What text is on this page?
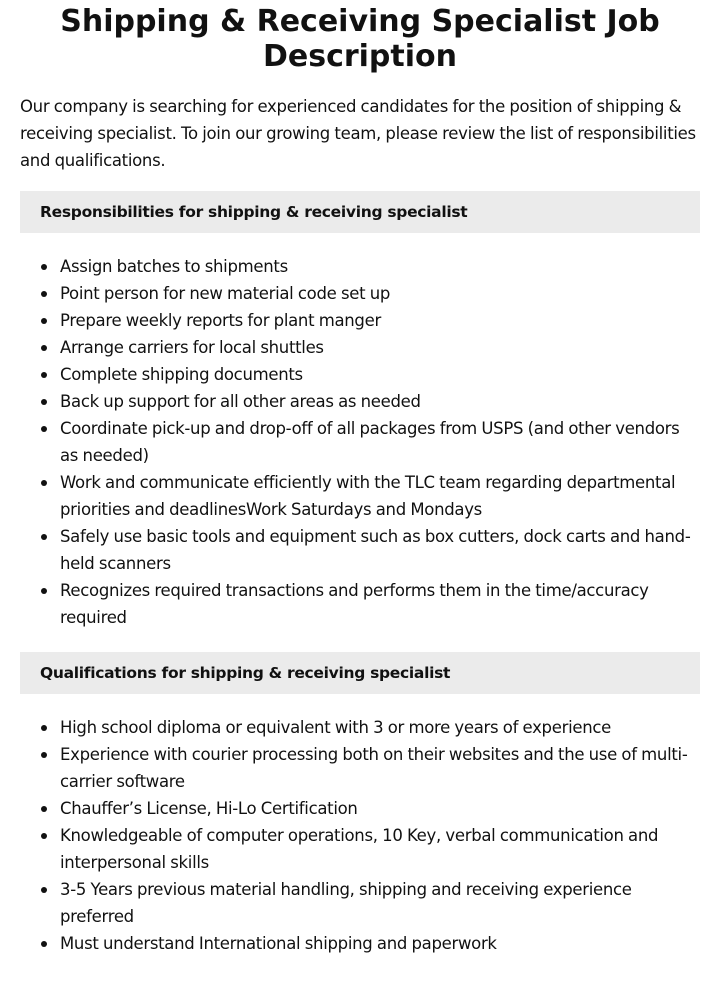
Shipping & Receiving Specialist Job Description

Our company is searching for experienced candidates for the position of shipping & receiving specialist. To join our growing team, please review the list of responsibilities and qualifications.

Responsibilities for shipping & receiving specialist
Assign batches to shipments
Point person for new material code set up
Prepare weekly reports for plant manger
Arrange carriers for local shuttles
Complete shipping documents
Back up support for all other areas as needed
Coordinate pick-up and drop-off of all packages from USPS (and other vendors as needed)
Work and communicate efficiently with the TLC team regarding departmental priorities and deadlinesWork Saturdays and Mondays
Safely use basic tools and equipment such as box cutters, dock carts and hand-held scanners
Recognizes required transactions and performs them in the time/accuracy required
Qualifications for shipping & receiving specialist
High school diploma or equivalent with 3 or more years of experience
Experience with courier processing both on their websites and the use of multi-carrier software
Chauffer’s License, Hi-Lo Certification
Knowledgeable of computer operations, 10 Key, verbal communication and interpersonal skills
3-5 Years previous material handling, shipping and receiving experience preferred
Must understand International shipping and paperwork
